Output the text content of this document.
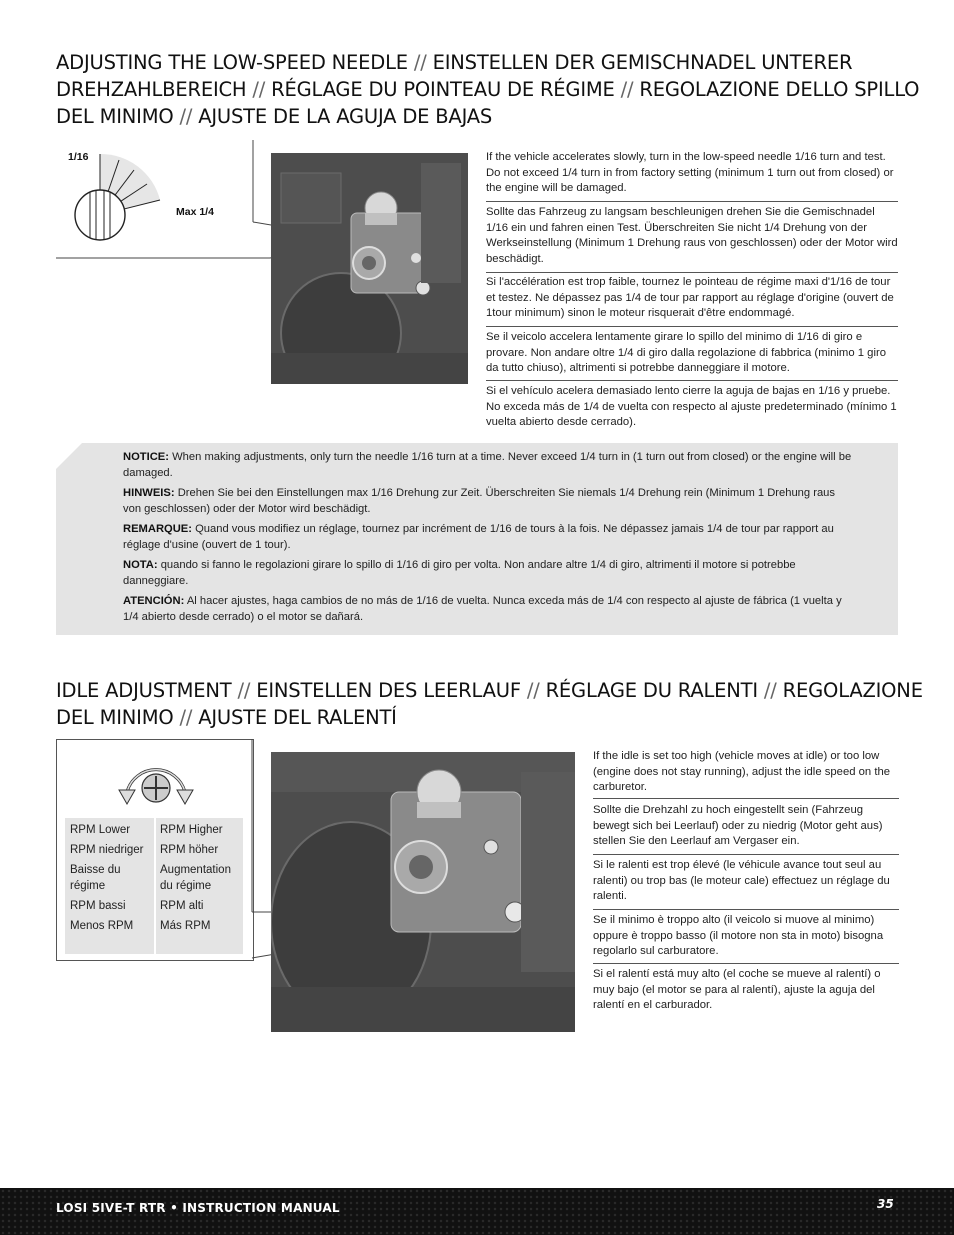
ADJUSTING THE LOW-SPEED NEEDLE // EINSTELLEN DER GEMISCHNADEL UNTERER DREHZAHLBEREICH // RÉGLAGE DU POINTEAU DE RÉGIME // REGOLAZIONE DELLO SPILLO DEL MINIMO // AJUSTE DE LA AGUJA DE BAJAS
1/16
Max 1/4
If the vehicle accelerates slowly, turn in the low-speed needle 1/16 turn and test. Do not exceed 1/4 turn in from factory setting (minimum 1 turn out from closed) or the engine will be damaged.
Sollte das Fahrzeug zu langsam beschleunigen drehen Sie die Gemischnadel 1/16 ein und fahren einen Test. Überschreiten Sie nicht 1/4 Drehung von der Werkseinstellung (Minimum 1 Drehung raus von geschlossen) oder der Motor wird beschädigt.
Si l'accélération est trop faible, tournez le pointeau de régime maxi d'1/16 de tour et testez. Ne dépassez pas 1/4 de tour par rapport au réglage d'origine (ouvert de 1tour minimum) sinon le moteur risquerait d'être endommagé.
Se il veicolo accelera lentamente girare lo spillo del minimo di 1/16 di giro e provare. Non andare oltre 1/4 di giro dalla regolazione di fabbrica (minimo 1 giro da tutto chiuso), altrimenti si potrebbe danneggiare il motore.
Si el vehículo acelera demasiado lento cierre la aguja de bajas en 1/16 y pruebe. No exceda más de 1/4 de vuelta con respecto al ajuste predeterminado (mínimo 1 vuelta abierto desde cerrado).

NOTICE: When making adjustments, only turn the needle 1/16 turn at a time. Never exceed 1/4 turn in (1 turn out from closed) or the engine will be damaged.

HINWEIS: Drehen Sie bei den Einstellungen max 1/16 Drehung zur Zeit. Überschreiten Sie niemals 1/4 Drehung rein (Minimum 1 Drehung raus von geschlossen) oder der Motor wird beschädigt.

REMARQUE: Quand vous modifiez un réglage, tournez par incrément de 1/16 de tours à la fois. Ne dépassez jamais 1/4 de tour par rapport au réglage d'usine (ouvert de 1 tour).

NOTA: quando si fanno le regolazioni girare lo spillo di 1/16 di giro per volta. Non andare altre 1/4 di giro, altrimenti il motore si potrebbe danneggiare.

ATENCIÓN: Al hacer ajustes, haga cambios de no más de 1/16 de vuelta. Nunca exceda más de 1/4 con respecto al ajuste de fábrica (1 vuelta y 1/4 abierto desde cerrado) o el motor se dañará.

IDLE ADJUSTMENT // EINSTELLEN DES LEERLAUF // RÉGLAGE DU RALENTI // REGOLAZIONE DEL MINIMO // AJUSTE DEL RALENTÍ
RPM Lower
RPM niedriger
Baisse du régime
RPM bassi
Menos RPM
RPM Higher
RPM höher
Augmentation du régime
RPM alti
Más RPM
If the idle is set too high (vehicle moves at idle) or too low (engine does not stay running), adjust the idle speed on the carburetor.
Sollte die Drehzahl zu hoch eingestellt sein (Fahrzeug bewegt sich bei Leerlauf) oder zu niedrig (Motor geht aus) stellen Sie den Leerlauf am Vergaser ein.
Si le ralenti est trop élevé (le véhicule avance tout seul au ralenti) ou trop bas (le moteur cale) effectuez un réglage du ralenti.
Se il minimo è troppo alto (il veicolo si muove al minimo) oppure è troppo basso (il motore non sta in moto) bisogna regolarlo sul carburatore.
Si el ralentí está muy alto (el coche se mueve al ralentí) o muy bajo (el motor se para al ralentí), ajuste la aguja del ralentí en el carburador.
LOSI 5IVE-T RTR • INSTRUCTION MANUAL	35
